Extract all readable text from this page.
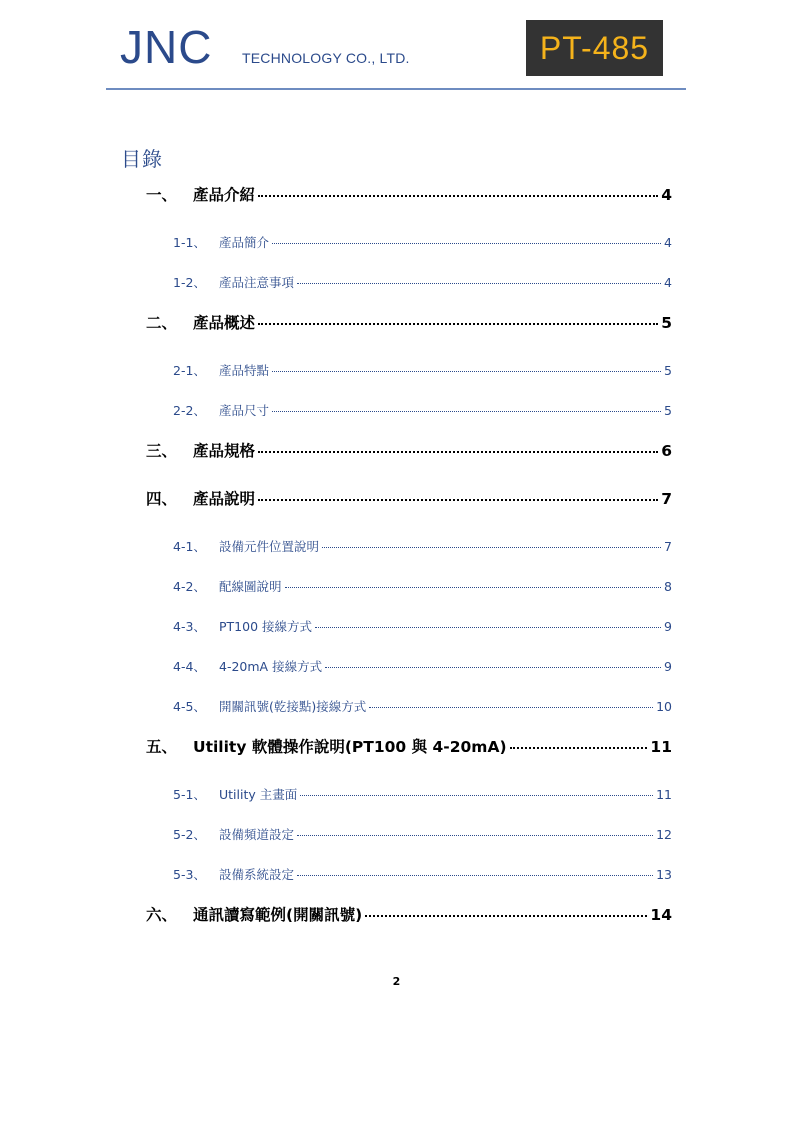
JNC TECHNOLOGY CO., LTD.	PT-485
目錄
一、	產品介紹	4
1-1、	產品簡介	4
1-2、	產品注意事項	4
二、	產品概述	5
2-1、	產品特點	5
2-2、	產品尺寸	5
三、	產品規格	6
四、	產品說明	7
4-1、	設備元件位置說明	7
4-2、	配線圖說明	8
4-3、	PT100 接線方式	9
4-4、	4-20mA 接線方式	9
4-5、	開關訊號(乾接點)接線方式	10
五、	Utility 軟體操作說明(PT100 與 4-20mA)	11
5-1、	Utility 主畫面	11
5-2、	設備頻道設定	12
5-3、	設備系統設定	13
六、	通訊讀寫範例(開關訊號)	14
2
